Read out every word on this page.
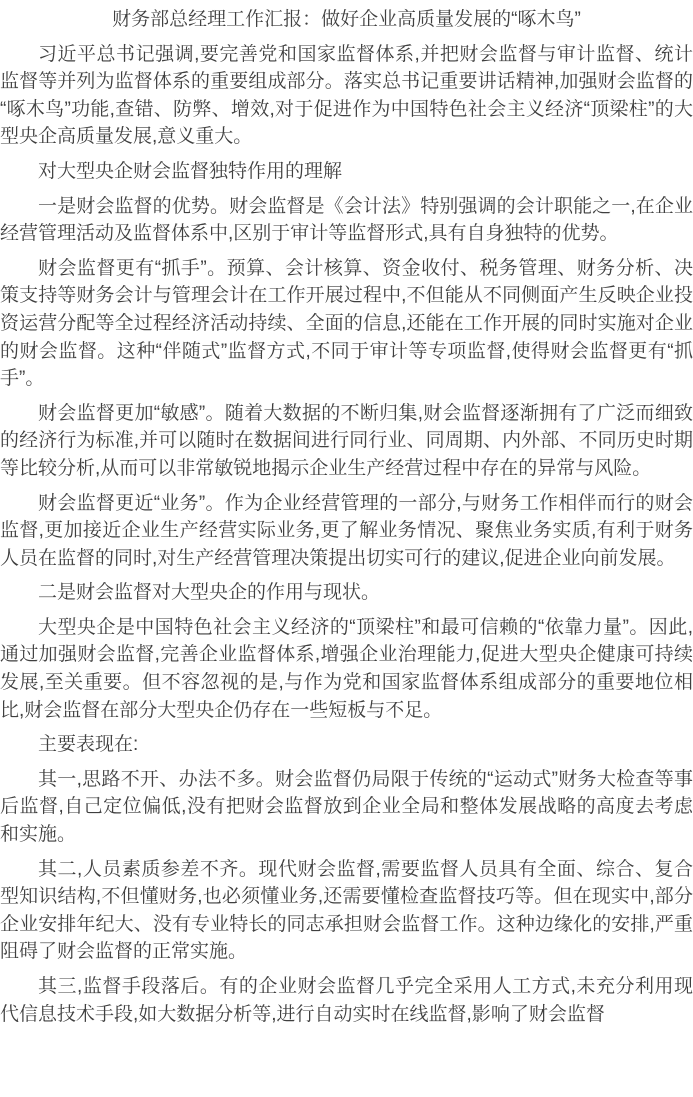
财务部总经理工作汇报：做好企业高质量发展的“啄木鸟”

习近平总书记强调,要完善党和国家监督体系,并把财会监督与审计监督、统计监督等并列为监督体系的重要组成部分。落实总书记重要讲话精神,加强财会监督的“啄木鸟”功能,查错、防弊、增效,对于促进作为中国特色社会主义经济“顶梁柱”的大型央企高质量发展,意义重大。

对大型央企财会监督独特作用的理解

一是财会监督的优势。财会监督是《会计法》特别强调的会计职能之一,在企业经营管理活动及监督体系中,区别于审计等监督形式,具有自身独特的优势。

财会监督更有“抓手”。预算、会计核算、资金收付、税务管理、财务分析、决策支持等财务会计与管理会计在工作开展过程中,不但能从不同侧面产生反映企业投资运营分配等全过程经济活动持续、全面的信息,还能在工作开展的同时实施对企业的财会监督。这种“伴随式”监督方式,不同于审计等专项监督,使得财会监督更有“抓手”。

财会监督更加“敏感”。随着大数据的不断归集,财会监督逐渐拥有了广泛而细致的经济行为标准,并可以随时在数据间进行同行业、同周期、内外部、不同历史时期等比较分析,从而可以非常敏锐地揭示企业生产经营过程中存在的异常与风险。

财会监督更近“业务”。作为企业经营管理的一部分,与财务工作相伴而行的财会监督,更加接近企业生产经营实际业务,更了解业务情况、聚焦业务实质,有利于财务人员在监督的同时,对生产经营管理决策提出切实可行的建议,促进企业向前发展。

二是财会监督对大型央企的作用与现状。

大型央企是中国特色社会主义经济的“顶梁柱”和最可信赖的“依靠力量”。因此,通过加强财会监督,完善企业监督体系,增强企业治理能力,促进大型央企健康可持续发展,至关重要。但不容忽视的是,与作为党和国家监督体系组成部分的重要地位相比,财会监督在部分大型央企仍存在一些短板与不足。

主要表现在:

其一,思路不开、办法不多。财会监督仍局限于传统的“运动式”财务大检查等事后监督,自己定位偏低,没有把财会监督放到企业全局和整体发展战略的高度去考虑和实施。

其二,人员素质参差不齐。现代财会监督,需要监督人员具有全面、综合、复合型知识结构,不但懂财务,也必须懂业务,还需要懂检查监督技巧等。但在现实中,部分企业安排年纪大、没有专业特长的同志承担财会监督工作。这种边缘化的安排,严重阻碍了财会监督的正常实施。

其三,监督手段落后。有的企业财会监督几乎完全采用人工方式,未充分利用现代信息技术手段,如大数据分析等,进行自动实时在线监督,影响了财会监督
